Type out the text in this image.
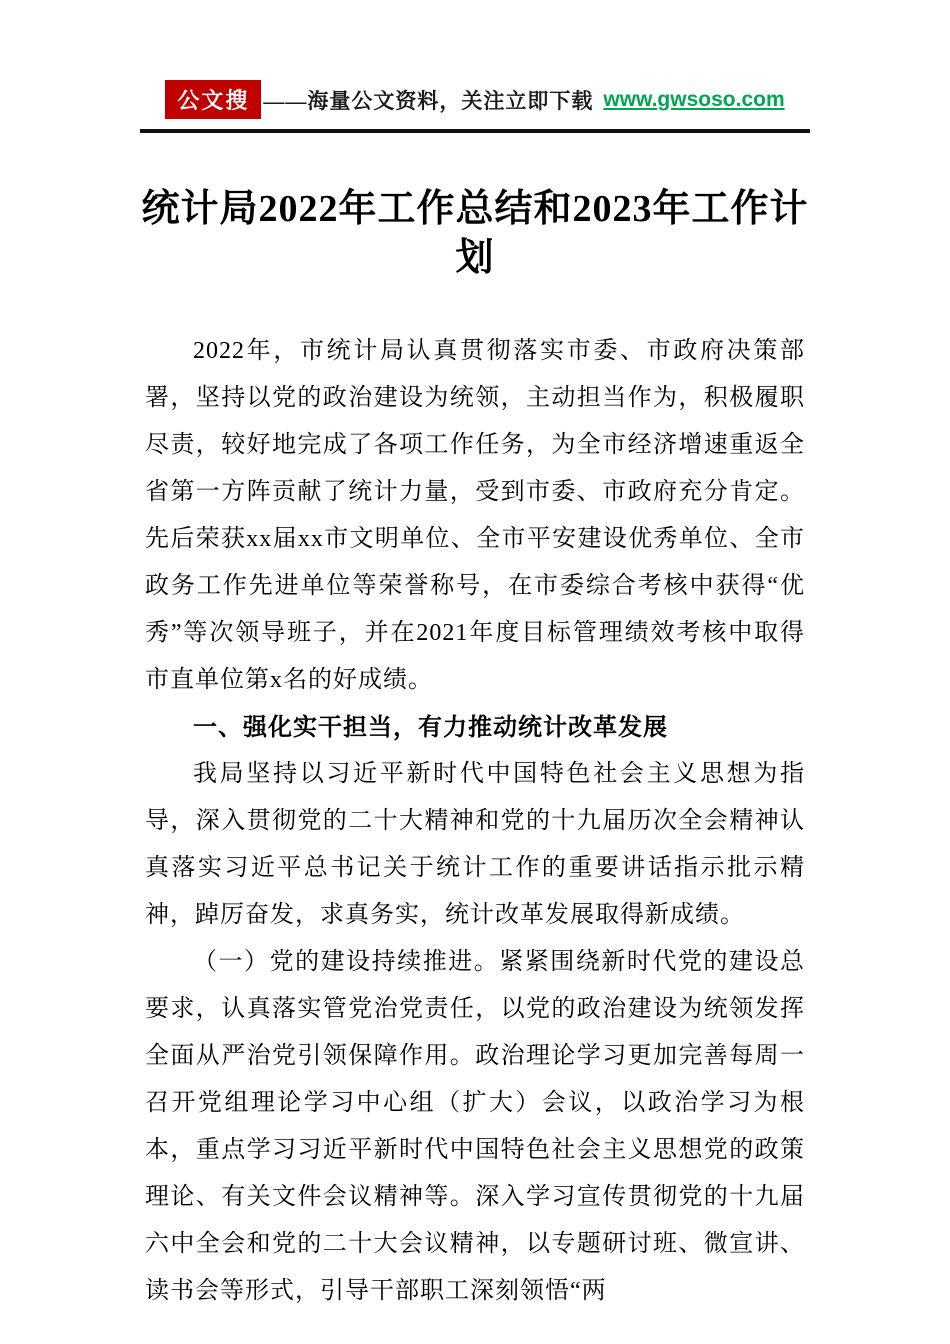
公文搜 ——海量公文资料，关注立即下载 www.gwsoso.com
统计局2022年工作总结和2023年工作计划

2022年，市统计局认真贯彻落实市委、市政府决策部署，坚持以党的政治建设为统领，主动担当作为，积极履职尽责，较好地完成了各项工作任务，为全市经济增速重返全省第一方阵贡献了统计力量，受到市委、市政府充分肯定。先后荣获xx届xx市文明单位、全市平安建设优秀单位、全市政务工作先进单位等荣誉称号，在市委综合考核中获得“优秀”等次领导班子，并在2021年度目标管理绩效考核中取得市直单位第x名的好成绩。

一、强化实干担当，有力推动统计改革发展

我局坚持以习近平新时代中国特色社会主义思想为指导，深入贯彻党的二十大精神和党的十九届历次全会精神认真落实习近平总书记关于统计工作的重要讲话指示批示精神，踔厉奋发，求真务实，统计改革发展取得新成绩。

（一）党的建设持续推进。紧紧围绕新时代党的建设总要求，认真落实管党治党责任，以党的政治建设为统领发挥全面从严治党引领保障作用。政治理论学习更加完善每周一召开党组理论学习中心组（扩大）会议，以政治学习为根本，重点学习习近平新时代中国特色社会主义思想党的政策理论、有关文件会议精神等。深入学习宣传贯彻党的十九届六中全会和党的二十大会议精神，以专题研讨班、微宣讲、读书会等形式，引导干部职工深刻领悟“两
